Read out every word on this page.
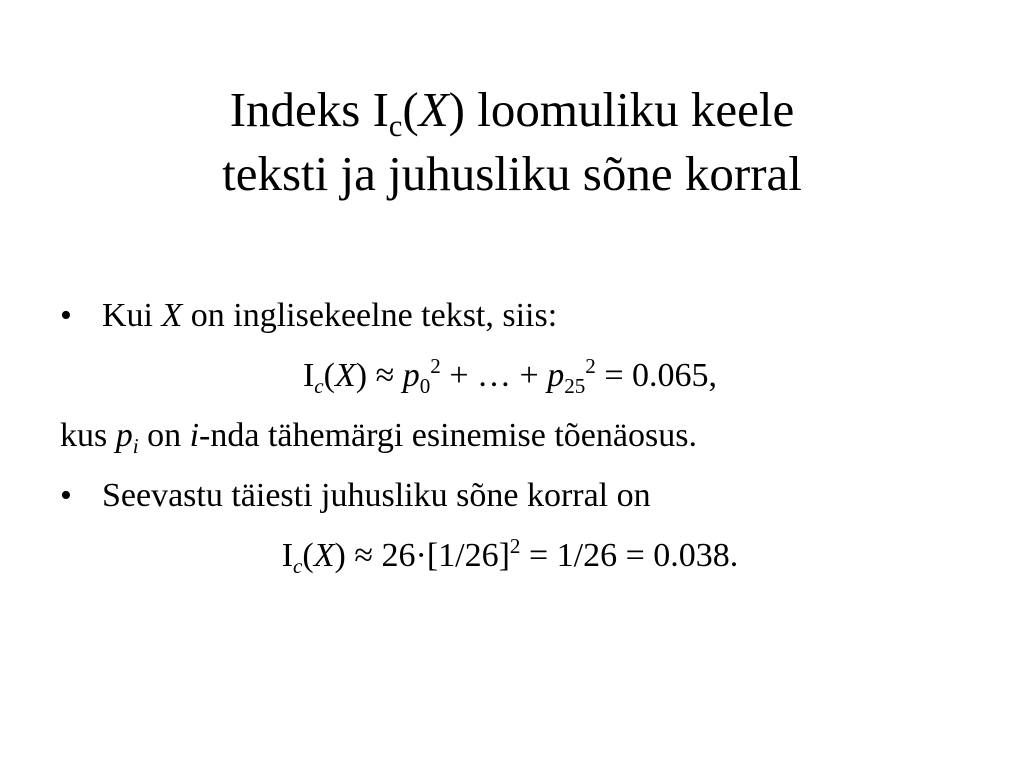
Indeks $I_c(X)$ loomuliku keele
teksti ja juhusliku sõne korral
• Kui X on inglisekeelne tekst, siis:
$I_c(X) \approx p_0^2$ + … + $p_{25}^2 = 0.065$,
kus $p_i$ on i-nda tähemärgi esinemise tõenäosus.
• Seevastu täiesti juhusliku sõne korral on
$I_c(X) \approx 26\cdot[1/26]^2 = 1/26 = 0.038$.
